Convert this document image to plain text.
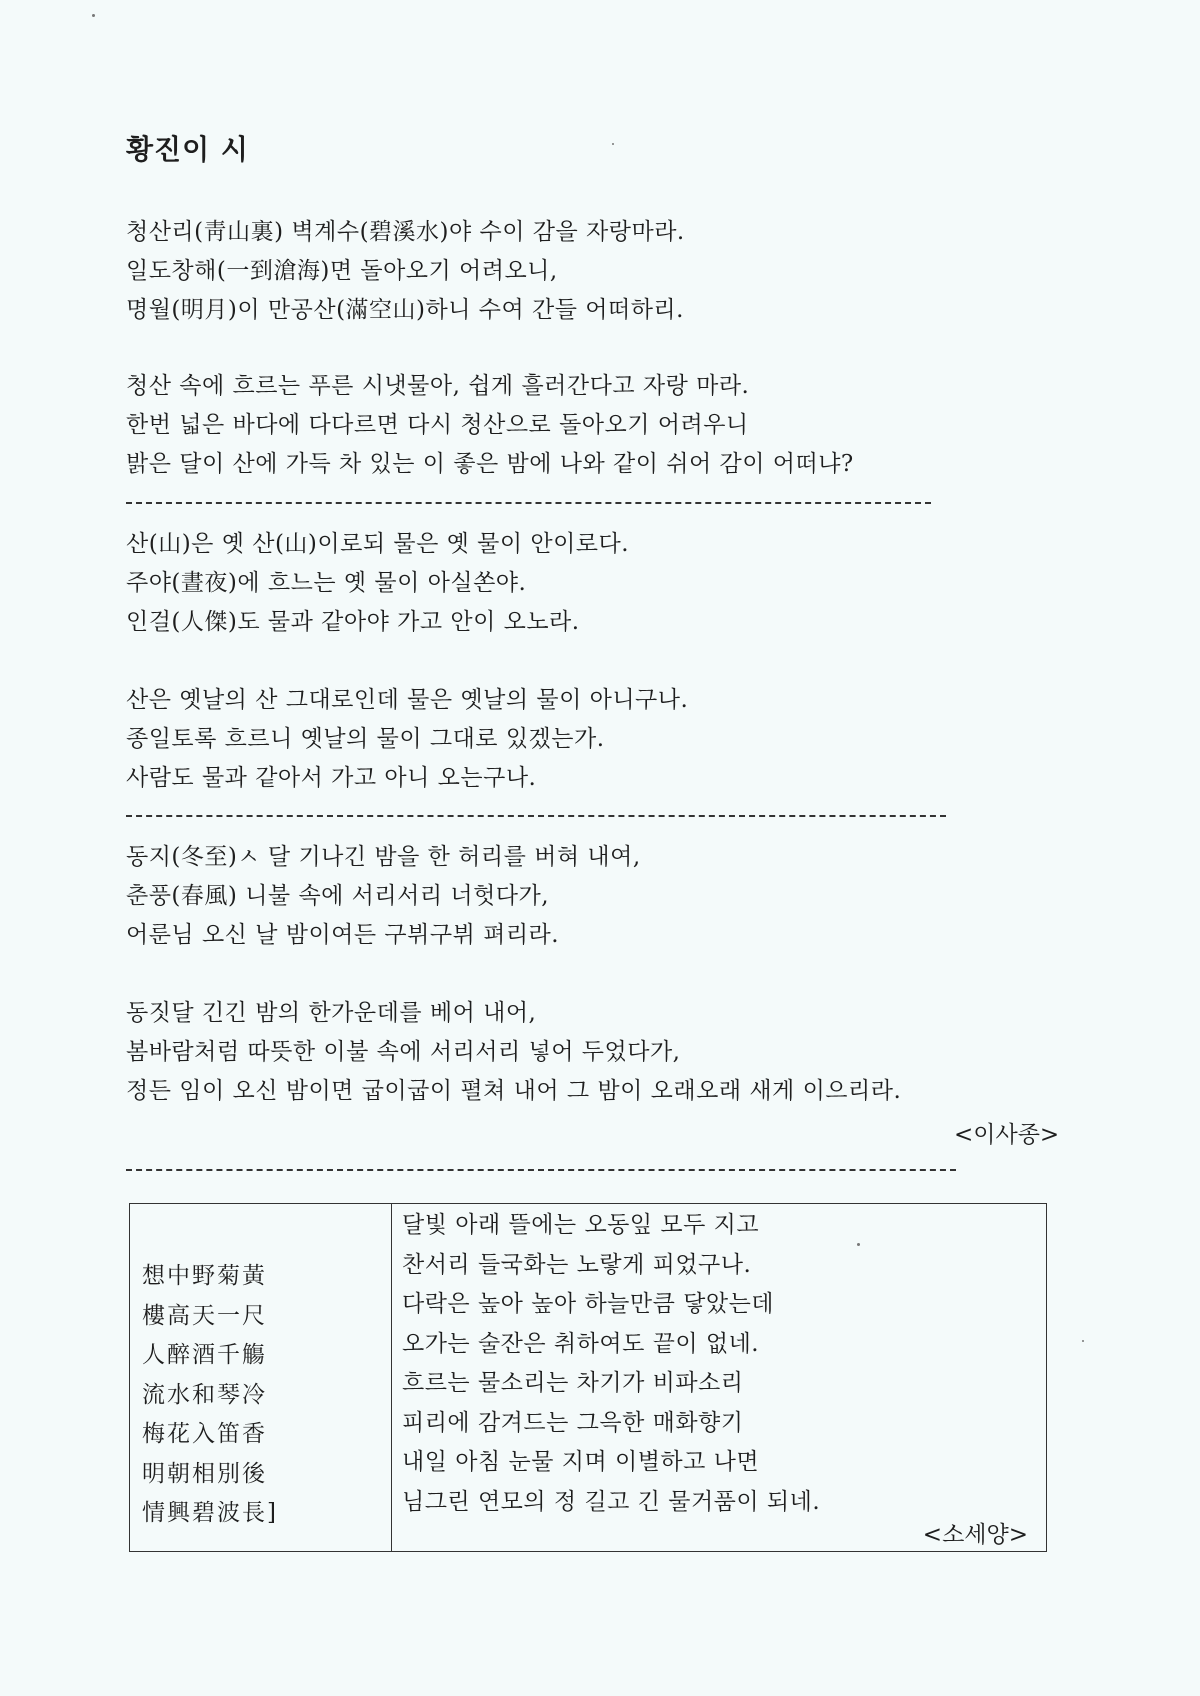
황진이 시
청산리(靑山裏) 벽계수(碧溪水)야 수이 감을 자랑마라.
일도창해(一到滄海)면 돌아오기 어려오니,
명월(明月)이 만공산(滿空山)하니 수여 간들 어떠하리.
청산 속에 흐르는 푸른 시냇물아, 쉽게 흘러간다고 자랑 마라.
한번 넓은 바다에 다다르면 다시 청산으로 돌아오기 어려우니
밝은 달이 산에 가득 차 있는 이 좋은 밤에 나와 같이 쉬어 감이 어떠냐?
산(山)은 옛 산(山)이로되 물은 옛 물이 안이로다.
주야(晝夜)에 흐느는 옛 물이 아실쏜야.
인걸(人傑)도 물과 같아야 가고 안이 오노라.
산은 옛날의 산 그대로인데 물은 옛날의 물이 아니구나.
종일토록 흐르니 옛날의 물이 그대로 있겠는가.
사람도 물과 같아서 가고 아니 오는구나.
동지(冬至)ㅅ 달 기나긴 밤을 한 허리를 버혀 내여,
춘풍(春風) 니불 속에 서리서리 너헛다가,
어룬님 오신 날 밤이여든 구뷔구뷔 펴리라.
동짓달 긴긴 밤의 한가운데를 베어 내어,
봄바람처럼 따뜻한 이불 속에 서리서리 넣어 두었다가,
정든 임이 오신 밤이면 굽이굽이 펼쳐 내어 그 밤이 오래오래 새게 이으리라.
<이사종>
想中野菊黃
樓高天一尺
人醉酒千觴
流水和琴冷
梅花入笛香
明朝相別後
情興碧波長]
달빛 아래 뜰에는 오동잎 모두 지고
찬서리 들국화는 노랗게 피었구나.
다락은 높아 높아 하늘만큼 닿았는데
오가는 술잔은 취하여도 끝이 없네.
흐르는 물소리는 차기가 비파소리
피리에 감겨드는 그윽한 매화향기
내일 아침 눈물 지며 이별하고 나면
님그린 연모의 정 길고 긴 물거품이 되네.
<소세양>
